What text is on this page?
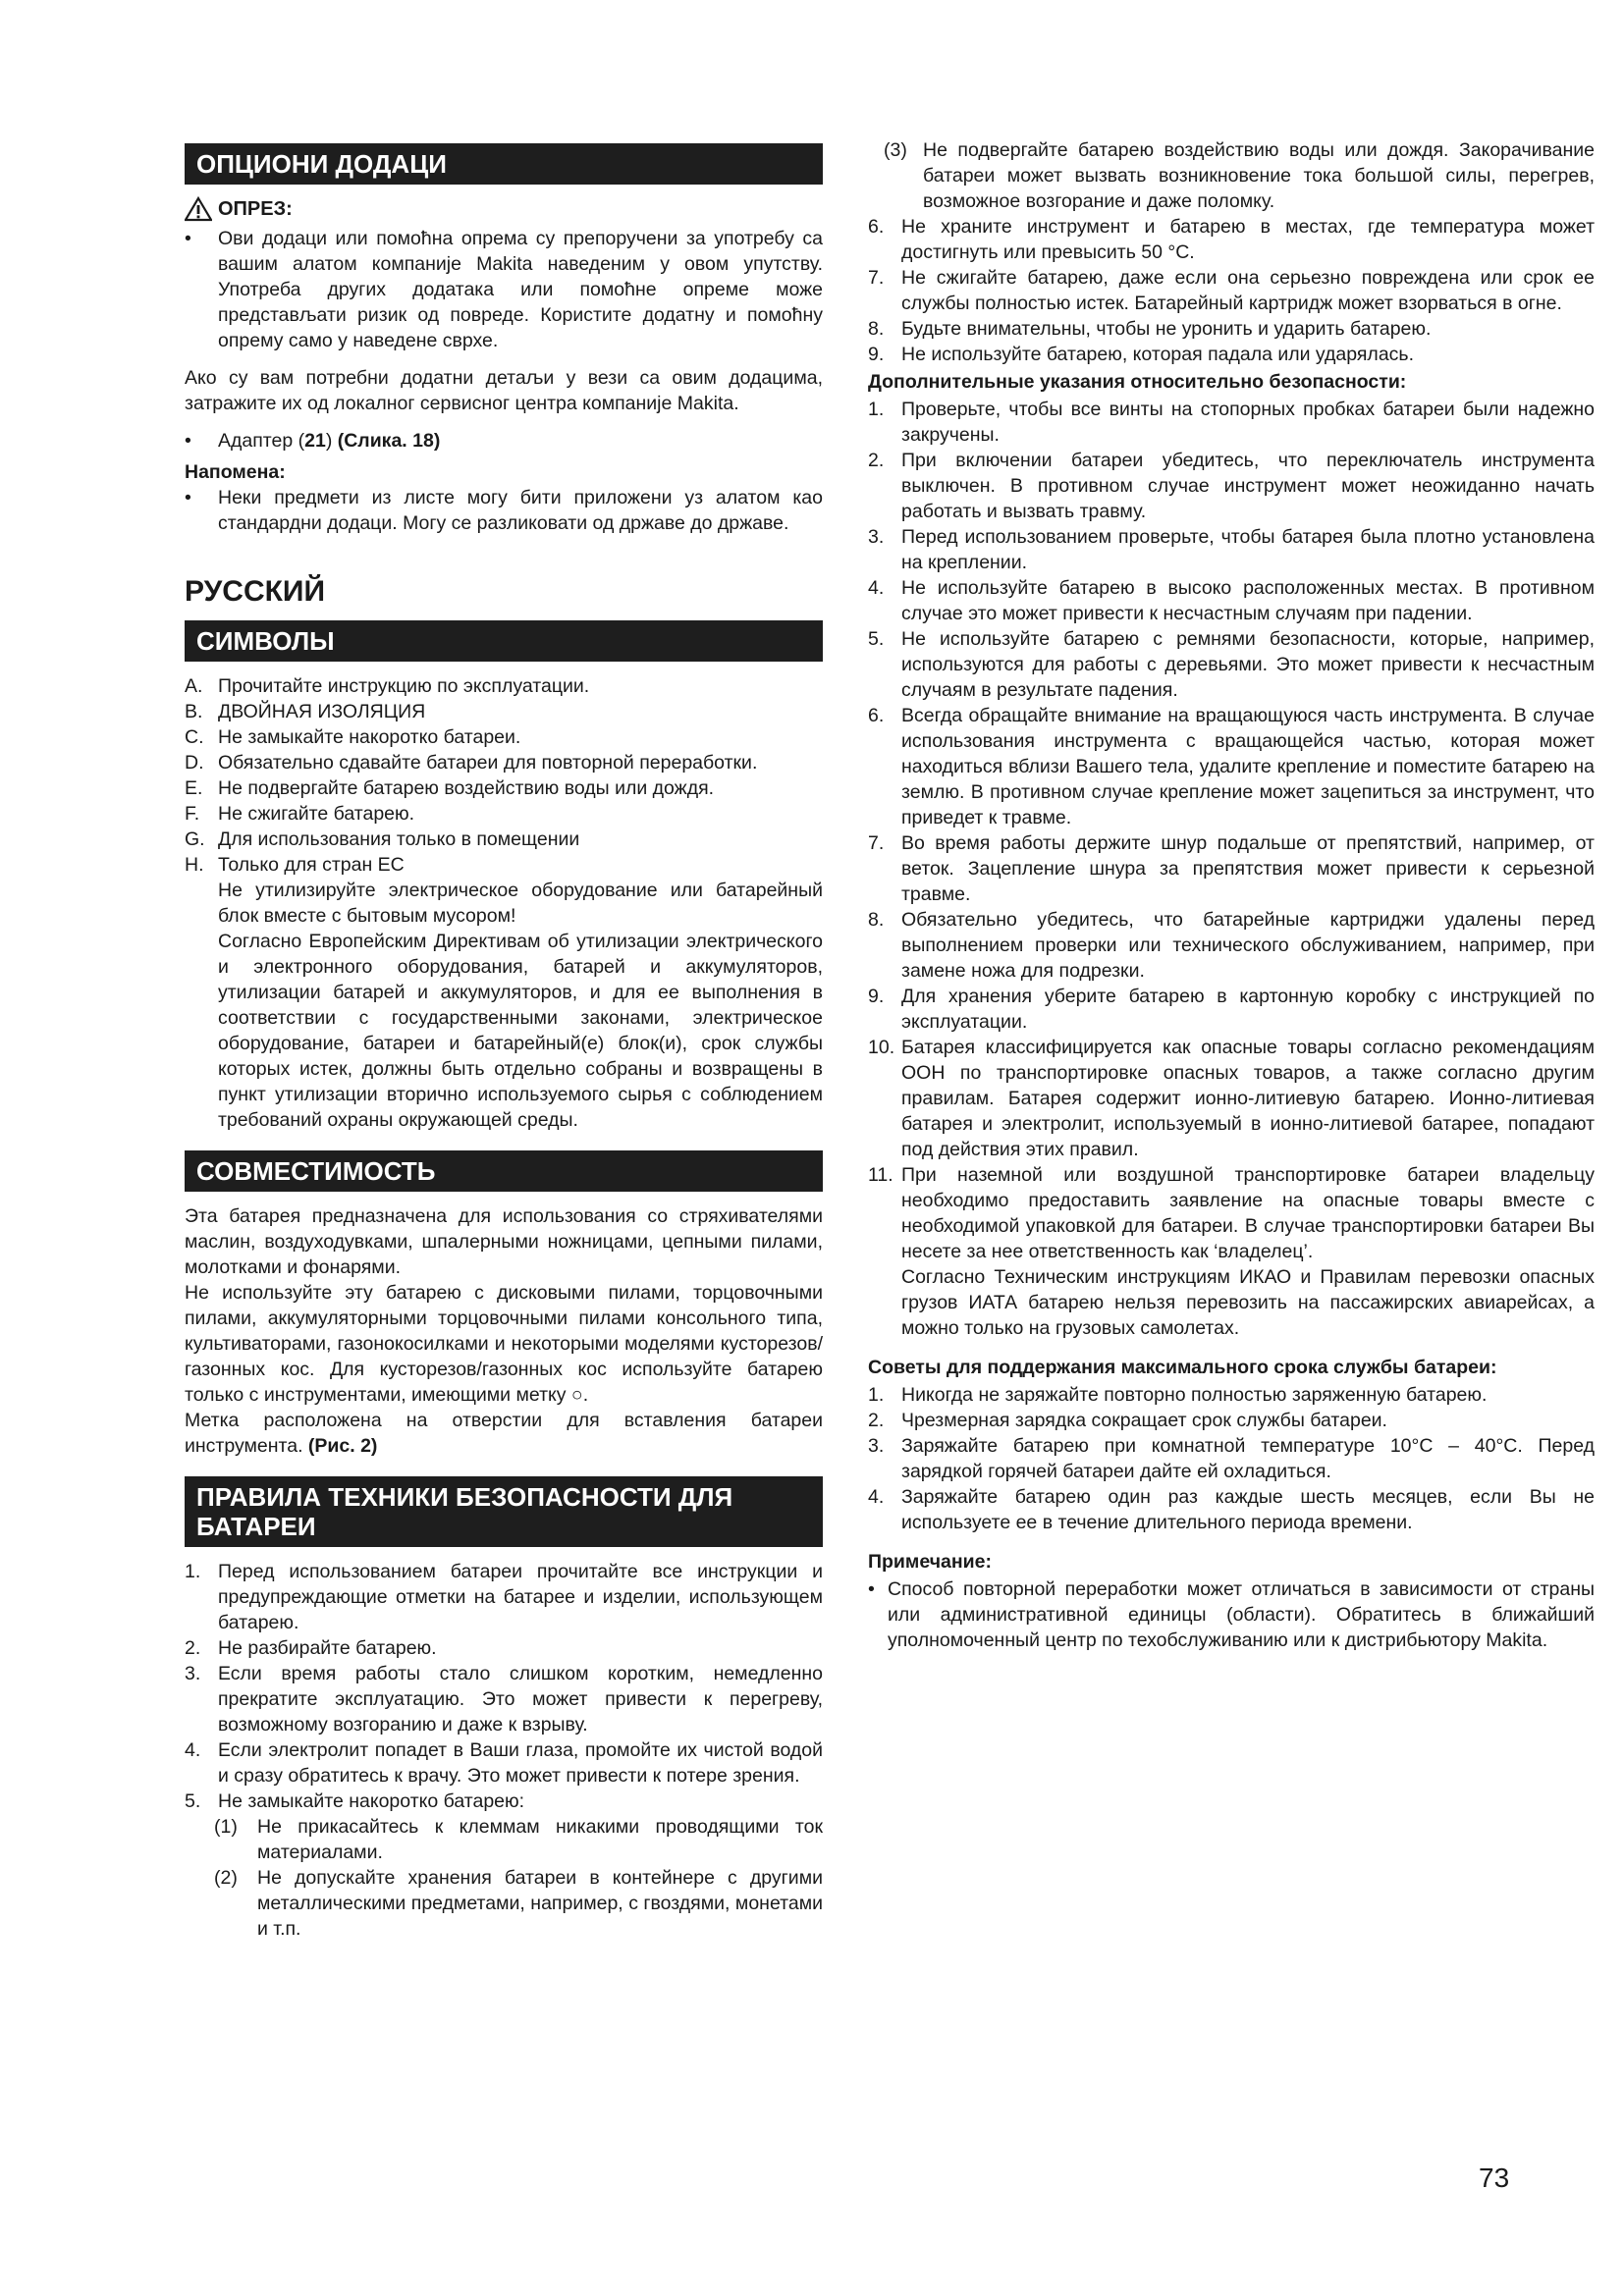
ОПЦИОНИ ДОДАЦИ
ОПРЕЗ:
•	Ови додаци или помоћна опрема су препоручени за употребу са вашим алатом компаније Makita наведеним у овом упутству. Употреба других додатака или помоћне опреме може представљати ризик од повреде. Користите додатну и помоћну опрему само у наведене сврхе.

Ако су вам потребни додатни детаљи у вези са овим додацима, затражите их од локалног сервисног центра компаније Makita.

•	Адаптер (21) (Слика. 18)
Напомена:
•	Неки предмети из листе могу бити приложени уз алатом као стандардни додаци. Могу се разликовати од државе до државе.
РУССКИЙ
СИМВОЛЫ
A. Прочитайте инструкцию по эксплуатации.
B. ДВОЙНАЯ ИЗОЛЯЦИЯ
C. Не замыкайте накоротко батареи.
D. Обязательно сдавайте батареи для повторной переработки.
E. Не подвергайте батарею воздействию воды или дождя.
F. Не сжигайте батарею.
G. Для использования только в помещении
H. Только для стран ЕС
Не утилизируйте электрическое оборудование или батарейный блок вместе с бытовым мусором!
Согласно Европейским Директивам об утилизации электрического и электронного оборудования, батарей и аккумуляторов, утилизации батарей и аккумуляторов, и для ее выполнения в соответствии с государственными законами, электрическое оборудование, батареи и батарейный(е) блок(и), срок службы которых истек, должны быть отдельно собраны и возвращены в пункт утилизации вторично используемого сырья с соблюдением требований охраны окружающей среды.
СОВМЕСТИМОСТЬ

Эта батарея предназначена для использования со стряхивателями маслин, воздуходувками, шпалерными ножницами, цепными пилами, молотками и фонарями.

Не используйте эту батарею с дисковыми пилами, торцовочными пилами, аккумуляторными торцовочными пилами консольного типа, культиваторами, газонокосилками и некоторыми моделями кусторезов/газонных кос. Для кусторезов/газонных кос используйте батарею только с инструментами, имеющими метку ○.

Метка расположена на отверстии для вставления батареи инструмента. (Рис. 2)

ПРАВИЛА ТЕХНИКИ БЕЗОПАСНОСТИ ДЛЯ
БАТАРЕИ
1. Перед использованием батареи прочитайте все инструкции и предупреждающие отметки на батарее и изделии, использующем батарею.
2. Не разбирайте батарею.
3. Если время работы стало слишком коротким, немедленно прекратите эксплуатацию. Это может привести к перегреву, возможному возгоранию и даже к взрыву.
4. Если электролит попадет в Ваши глаза, промойте их чистой водой и сразу обратитесь к врачу. Это может привести к потере зрения.
5. Не замыкайте накоротко батарею:
(1)	Не прикасайтесь к клеммам никакими проводящими ток материалами.
(2)	Не допускайте хранения батареи в контейнере с другими металлическими предметами, например, с гвоздями, монетами и т.п.
(3) Не подвергайте батарею воздействию воды или дождя. Закорачивание батареи может вызвать возникновение тока большой силы, перегрев, возможное возгорание и даже поломку.
6. Не храните инструмент и батарею в местах, где температура может достигнуть или превысить 50 °C.
7. Не сжигайте батарею, даже если она серьезно повреждена или срок ее службы полностью истек. Батарейный картридж может взорваться в огне.
8. Будьте внимательны, чтобы не уронить и ударить батарею.
9. Не используйте батарею, которая падала или ударялась.
Дополнительные указания относительно безопасности:
1. Проверьте, чтобы все винты на стопорных пробках батареи были надежно закручены.
2. При включении батареи убедитесь, что переключатель инструмента выключен. В противном случае инструмент может неожиданно начать работать и вызвать травму.
3. Перед использованием проверьте, чтобы батарея была плотно установлена на креплении.
4. Не используйте батарею в высоко расположенных местах. В противном случае это может привести к несчастным случаям при падении.
5. Не используйте батарею с ремнями безопасности, которые, например, используются для работы с деревьями. Это может привести к несчастным случаям в результате падения.
6. Всегда обращайте внимание на вращающуюся часть инструмента. В случае использования инструмента с вращающейся частью, которая может находиться вблизи Вашего тела, удалите крепление и поместите батарею на землю. В противном случае крепление может зацепиться за инструмент, что приведет к травме.
7. Во время работы держите шнур подальше от препятствий, например, от веток. Зацепление шнура за препятствия может привести к серьезной травме.
8. Обязательно убедитесь, что батарейные картриджи удалены перед выполнением проверки или технического обслуживанием, например, при замене ножа для подрезки.
9. Для хранения уберите батарею в картонную коробку с инструкцией по эксплуатации.
10. Батарея классифицируется как опасные товары согласно рекомендациям ООН по транспортировке опасных товаров, а также согласно другим правилам. Батарея содержит ионно-литиевую батарею. Ионно-литиевая батарея и электролит, используемый в ионно-литиевой батарее, попадают под действия этих правил.
11. При наземной или воздушной транспортировке батареи владельцу необходимо предоставить заявление на опасные товары вместе с необходимой упаковкой для батареи. В случае транспортировки батареи Вы несете за нее ответственность как ‘владелец’.
Согласно Техническим инструкциям ИКАО и Правилам перевозки опасных грузов ИАТА батарею нельзя перевозить на пассажирских авиарейсах, а можно только на грузовых самолетах.
Советы для поддержания максимального срока службы батареи:
1. Никогда не заряжайте повторно полностью заряженную батарею.
2. Чрезмерная зарядка сокращает срок службы батареи.
3. Заряжайте батарею при комнатной температуре 10°C – 40°C. Перед зарядкой горячей батареи дайте ей охладиться.
4. Заряжайте батарею один раз каждые шесть месяцев, если Вы не используете ее в течение длительного периода времени.
Примечание:
• Способ повторной переработки может отличаться в зависимости от страны или административной единицы (области). Обратитесь в ближайший уполномоченный центр по техобслуживанию или к дистрибьютору Makita.
73
